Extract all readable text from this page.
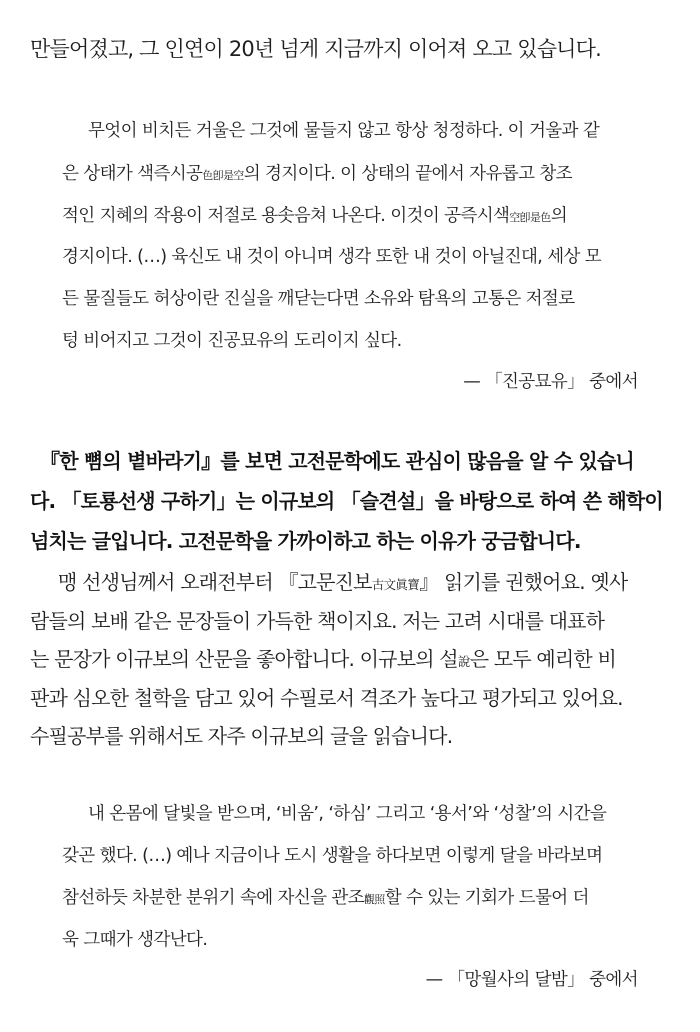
만들어졌고, 그 인연이 20년 넘게 지금까지 이어져 오고 있습니다.
무엇이 비치든 거울은 그것에 물들지 않고 항상 청정하다. 이 거울과 같
은 상태가 색즉시공色卽是空의 경지이다. 이 상태의 끝에서 자유롭고 창조
적인 지혜의 작용이 저절로 용솟음쳐 나온다. 이것이 공즉시색空卽是色의
경지이다. (…) 육신도 내 것이 아니며 생각 또한 내 것이 아닐진대, 세상 모
든 물질들도 허상이란 진실을 깨닫는다면 소유와 탐욕의 고통은 저절로
텅 비어지고 그것이 진공묘유의 도리이지 싶다.
— 「진공묘유」 중에서
『한 뼘의 볕바라기』를 보면 고전문학에도 관심이 많음을 알 수 있습니
다. 「토룡선생 구하기」는 이규보의 「슬견설」을 바탕으로 하여 쓴 해학이
넘치는 글입니다. 고전문학을 가까이하고 하는 이유가 궁금합니다.
맹 선생님께서 오래전부터 『고문진보古文眞寶』 읽기를 권했어요. 옛사
람들의 보배 같은 문장들이 가득한 책이지요. 저는 고려 시대를 대표하
는 문장가 이규보의 산문을 좋아합니다. 이규보의 설說은 모두 예리한 비
판과 심오한 철학을 담고 있어 수필로서 격조가 높다고 평가되고 있어요.
수필공부를 위해서도 자주 이규보의 글을 읽습니다.
내 온몸에 달빛을 받으며, ‘비움’, ‘하심’ 그리고 ‘용서’와 ‘성찰’의 시간을
갖곤 했다. (…) 예나 지금이나 도시 생활을 하다보면 이렇게 달을 바라보며
참선하듯 차분한 분위기 속에 자신을 관조觀照할 수 있는 기회가 드물어 더
욱 그때가 생각난다.
— 「망월사의 달밤」 중에서
